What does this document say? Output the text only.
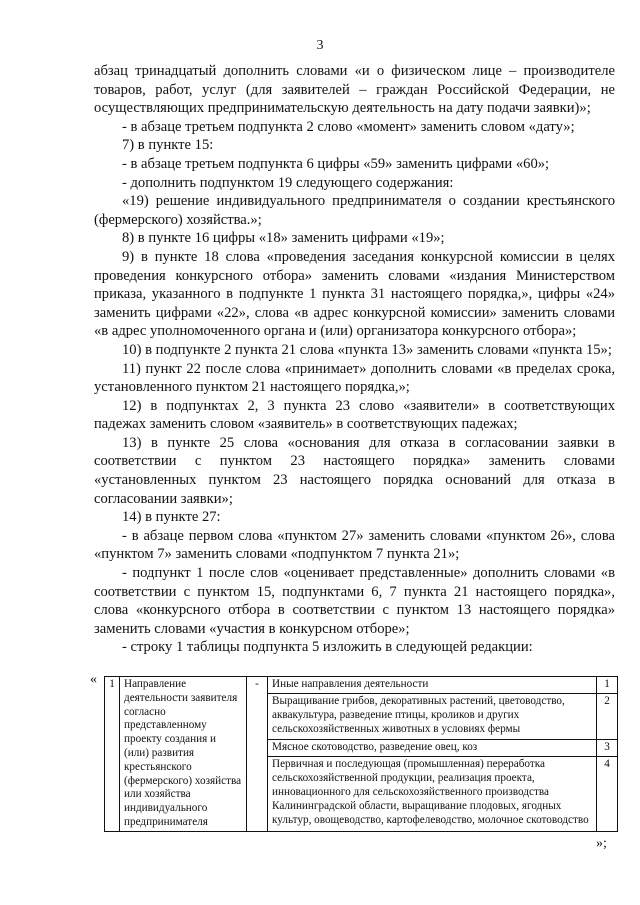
3

абзац тринадцатый дополнить словами «и о физическом лице – производителе товаров, работ, услуг (для заявителей – граждан Российской Федерации, не осуществляющих предпринимательскую деятельность на дату подачи заявки)»;

- в абзаце третьем подпункта 2 слово «момент» заменить словом «дату»;

7) в пункте 15:

- в абзаце третьем подпункта 6 цифры «59» заменить цифрами «60»;

- дополнить подпунктом 19 следующего содержания:

«19) решение индивидуального предпринимателя о создании крестьянского (фермерского) хозяйства.»;

8) в пункте 16 цифры «18» заменить цифрами «19»;

9) в пункте 18 слова «проведения заседания конкурсной комиссии в целях проведения конкурсного отбора» заменить словами «издания Министерством приказа, указанного в подпункте 1 пункта 31 настоящего порядка,», цифры «24» заменить цифрами «22», слова «в адрес конкурсной комиссии» заменить словами «в адрес уполномоченного органа и (или) организатора конкурсного отбора»;

10) в подпункте 2 пункта 21 слова «пункта 13» заменить словами «пункта 15»;

11) пункт 22 после слова «принимает» дополнить словами «в пределах срока, установленного пунктом 21 настоящего порядка,»;

12) в подпунктах 2, 3 пункта 23 слово «заявители» в соответствующих падежах заменить словом «заявитель» в соответствующих падежах;

13) в пункте 25 слова «основания для отказа в согласовании заявки в соответствии с пунктом 23 настоящего порядка» заменить словами «установленных пунктом 23 настоящего порядка оснований для отказа в согласовании заявки»;

14) в пункте 27:

- в абзаце первом слова «пунктом 27» заменить словами «пунктом 26», слова «пунктом 7» заменить словами «подпунктом 7 пункта 21»;

- подпункт 1 после слов «оценивает представленные» дополнить словами «в соответствии с пунктом 15, подпунктами 6, 7 пункта 21 настоящего порядка», слова «конкурсного отбора в соответствии с пунктом 13 настоящего порядка» заменить словами «участия в конкурсном отборе»;

- строку 1 таблицы подпункта 5 изложить в следующей редакции:

« 1	Направление деятельности заявителя согласно представленному проекту создания и (или) развития крестьянского (фермерского) хозяйства или хозяйства индивидуального предпринимателя	-	Иные направления деятельности	1
			Выращивание грибов, декоративных растений, цветоводство, аквакультура, разведение птицы, кроликов и других сельскохозяйственных животных в условиях фермы	2
			Мясное скотоводство, разведение овец, коз	3
			Первичная и последующая (промышленная) переработка сельскохозяйственной продукции, реализация проекта, инновационного для сельскохозяйственного производства Калининградской области, выращивание плодовых, ягодных культур, овощеводство, картофелеводство, молочное скотоводство	4
»;
